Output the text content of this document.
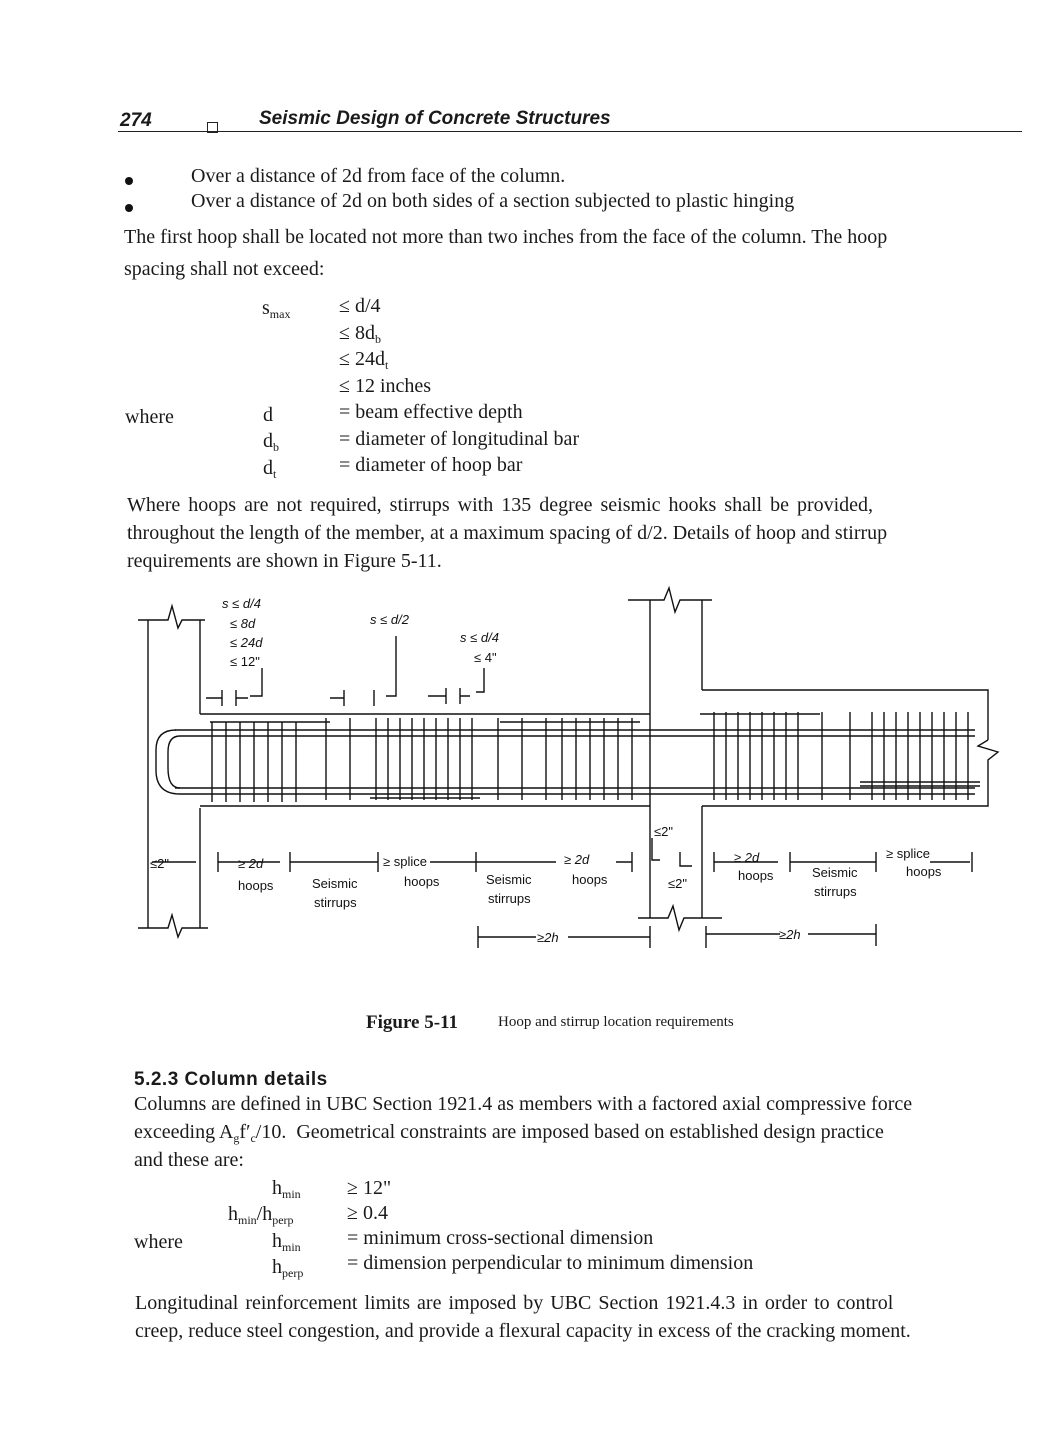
274	Seismic Design of Concrete Structures
Over a distance of 2d from face of the column.
Over a distance of 2d on both sides of a section subjected to plastic hinging
The first hoop shall be located not more than two inches from the face of the column. The hoop
spacing shall not exceed:
$s_{max} \le d/4$
≤ $8d_b$
≤ $24d_t$
≤ 12 inches
where	d	= beam effective depth
$d_b$	= diameter of longitudinal bar
$d_t$	= diameter of hoop bar
Where hoops are not required, stirrups with 135 degree seismic hooks shall be provided,
throughout the length of the member, at a maximum spacing of d/2. Details of hoop and stirrup
requirements are shown in Figure 5-11.
s ≤ d/4
≤ 8d
≤ 24d
≤ 12"
s ≤ d/2
s ≤ d/4
≤ 4"
≤2"
≤2"
≤2"
≥ 2d
hoops	Seismic
stirrups
≥ splice
hoops	Seismic
stirrups
≥ 2d
hoops
≥ 2d
hoops	Seismic
stirrups
≥ splice
hoops
≥2h	≥2h
Figure 5-11	Hoop and stirrup location requirements
5.2.3 Column details
Columns are defined in UBC Section 1921.4 as members with a factored axial compressive force
exceeding $A_gf'_c/10$. Geometrical constraints are imposed based on established design practice
and these are:
$h_{min} \ge 12$"
$h_{min}/h_{perp}$	≥ 0.4
where	$h_{min}$ = minimum cross-sectional dimension
$h_{perp}$ = dimension perpendicular to minimum dimension
Longitudinal reinforcement limits are imposed by UBC Section 1921.4.3 in order to control
creep, reduce steel congestion, and provide a flexural capacity in excess of the cracking moment.
